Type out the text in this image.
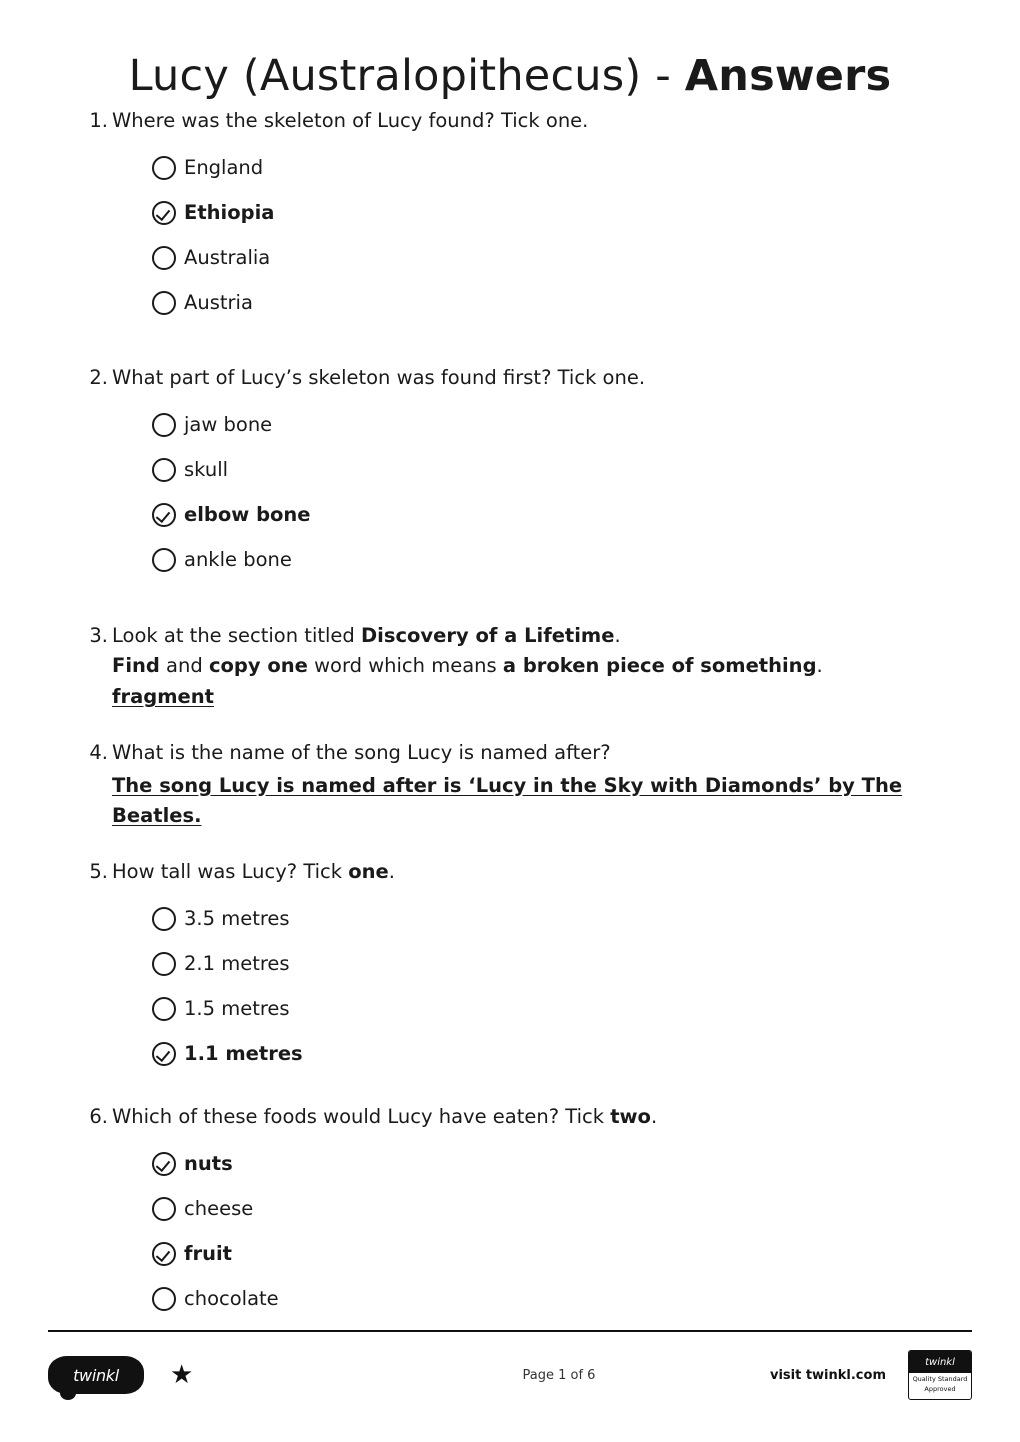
Lucy (Australopithecus) - Answers
1. Where was the skeleton of Lucy found? Tick one.
England
Ethiopia
Australia
Austria
2. What part of Lucy’s skeleton was found first? Tick one.
jaw bone
skull
elbow bone
ankle bone
3. Look at the section titled Discovery of a Lifetime.
Find and copy one word which means a broken piece of something.
fragment
4. What is the name of the song Lucy is named after?
The song Lucy is named after is ‘Lucy in the Sky with Diamonds’ by The Beatles.
5. How tall was Lucy? Tick one.
3.5 metres
2.1 metres
1.5 metres
1.1 metres
6. Which of these foods would Lucy have eaten? Tick two.
nuts
cheese
fruit
chocolate
twinkl ★	Page 1 of 6	visit twinkl.com
twinkl
Quality Standard
Approved
